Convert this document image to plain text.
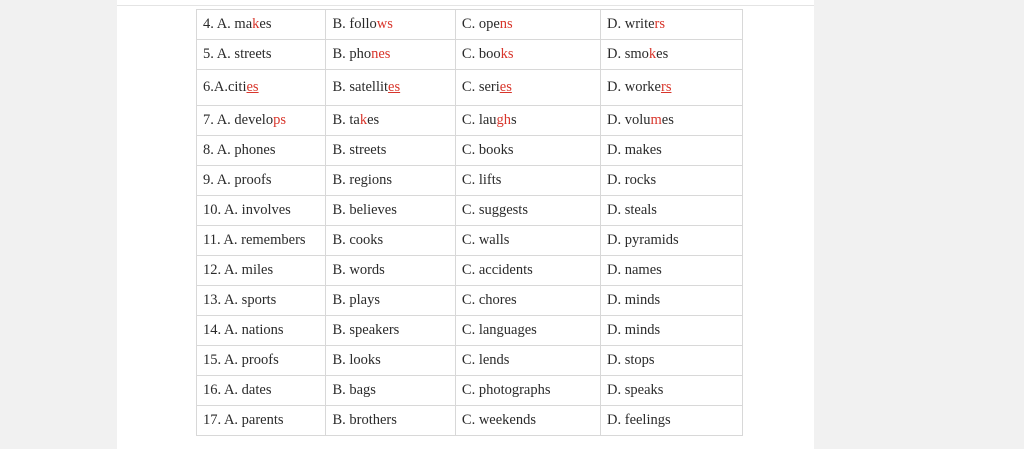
4. A. makes	B. follows	C. opens	D. writers
5. A. streets	B. phones	C. books	D. smokes
6.A.cities	B. satellites	C. series	D. workers
7. A. develops	B. takes	C. laughs	D. volumes
8. A. phones	B. streets	C. books	D. makes
9. A. proofs	B. regions	C. lifts	D. rocks
10. A. involves	B. believes	C. suggests	D. steals
11. A. remembers	B. cooks	C. walls	D. pyramids
12. A. miles	B. words	C. accidents	D. names
13. A. sports	B. plays	C. chores	D. minds
14. A. nations	B. speakers	C. languages	D. minds
15. A. proofs	B. looks	C. lends	D. stops
16. A. dates	B. bags	C. photographs	D. speaks
17. A. parents	B. brothers	C. weekends	D. feelings
